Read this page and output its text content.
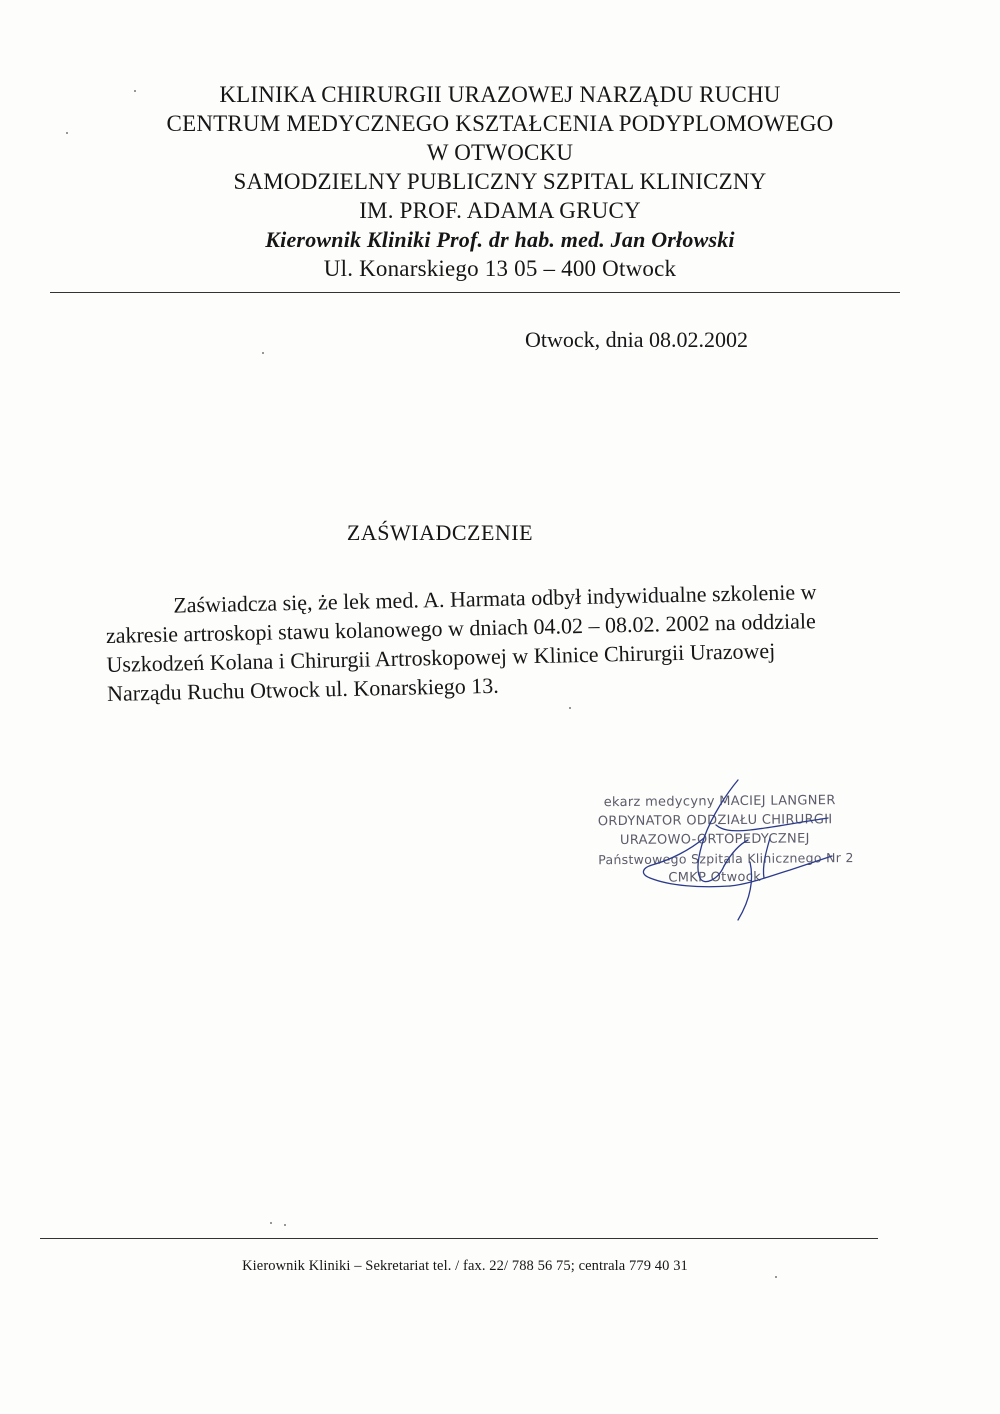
KLINIKA CHIRURGII URAZOWEJ NARZĄDU RUCHU
CENTRUM MEDYCZNEGO KSZTAŁCENIA PODYPLOMOWEGO
W OTWOCKU
SAMODZIELNY PUBLICZNY SZPITAL KLINICZNY
IM. PROF. ADAMA GRUCY
Kierownik Kliniki Prof. dr hab. med. Jan Orłowski
Ul. Konarskiego 13 05 – 400 Otwock
Otwock, dnia 08.02.2002
ZAŚWIADCZENIE
Zaświadcza się, że lek med. A. Harmata odbył indywidualne szkolenie w
zakresie artroskopi stawu kolanowego w dniach 04.02 – 08.02. 2002 na oddziale
Uszkodzeń Kolana i Chirurgii Artroskopowej w Klinice Chirurgii Urazowej
Narządu Ruchu Otwock ul. Konarskiego 13.
ekarz medycyny MACIEJ LANGNER
ORDYNATOR ODDZIAŁU CHIRURGII
URAZOWO-ORTOPEDYCZNEJ
Państwowego Szpitala Klinicznego Nr 2
CMKP Otwock
Kierownik Kliniki – Sekretariat tel. / fax. 22/ 788 56 75; centrala 779 40 31
